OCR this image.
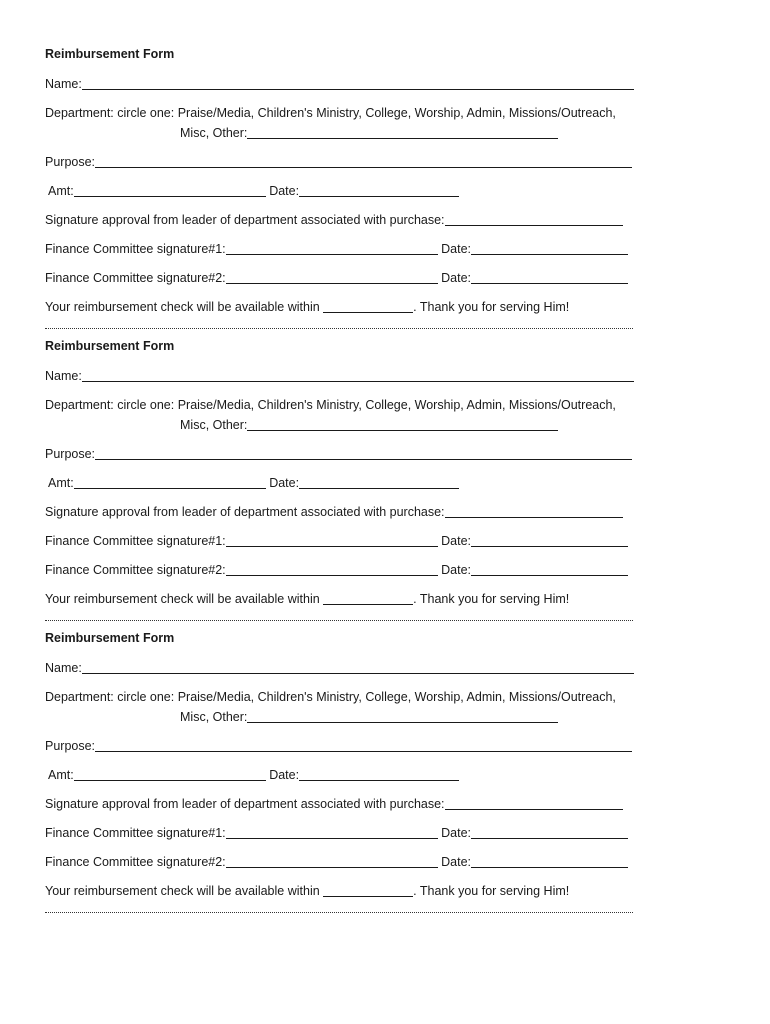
Reimbursement Form
Name:
Department: circle one: Praise/Media, Children's Ministry, College, Worship, Admin, Missions/Outreach,
Misc, Other:
Purpose:
Amt:	Date:
Signature approval from leader of department associated with purchase:
Finance Committee signature#1:	Date:
Finance Committee signature#2:	Date:
Your reimbursement check will be available within	. Thank you for serving Him!
Reimbursement Form
Name:
Department: circle one: Praise/Media, Children's Ministry, College, Worship, Admin, Missions/Outreach,
Misc, Other:
Purpose:
Amt:	Date:
Signature approval from leader of department associated with purchase:
Finance Committee signature#1:	Date:
Finance Committee signature#2:	Date:
Your reimbursement check will be available within	. Thank you for serving Him!
Reimbursement Form
Name:
Department: circle one: Praise/Media, Children's Ministry, College, Worship, Admin, Missions/Outreach,
Misc, Other:
Purpose:
Amt:	Date:
Signature approval from leader of department associated with purchase:
Finance Committee signature#1:	Date:
Finance Committee signature#2:	Date:
Your reimbursement check will be available within	. Thank you for serving Him!
